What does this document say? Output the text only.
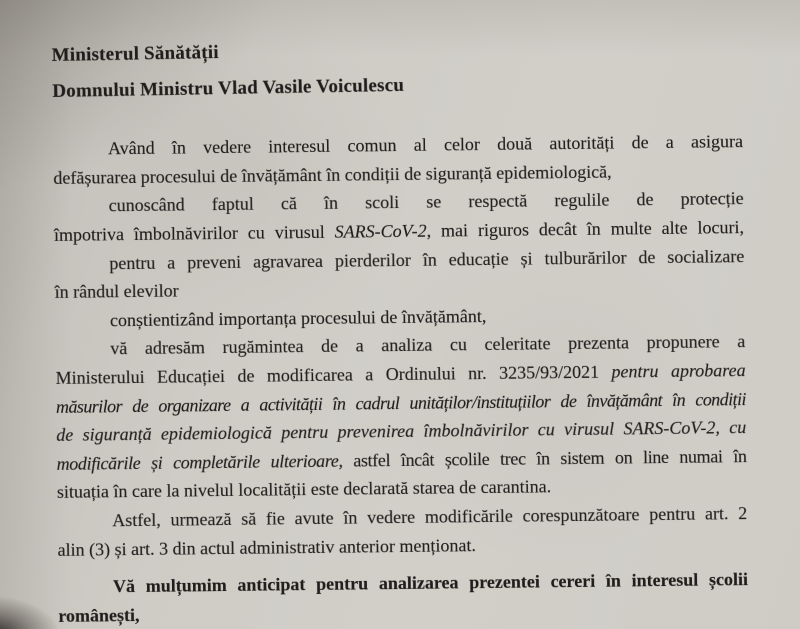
Ministerul Sănătății
Domnului Ministru Vlad Vasile Voiculescu
Având în vedere interesul comun al celor două autorități de a asigura
defășurarea procesului de învățământ în condiții de siguranță epidemiologică,
cunoscând faptul că în scoli se respectă regulile de protecție
împotriva îmbolnăvirilor cu virusul SARS-CoV-2, mai riguros decât în multe alte locuri,
pentru a preveni agravarea pierderilor în educație și tulburărilor de socializare
în rândul elevilor
conștientizând importanța procesului de învățământ,
vă adresăm rugămintea de a analiza cu celeritate prezenta propunere a
Ministerului Educației de modificarea a Ordinului nr. 3235/93/2021 pentru aprobarea
măsurilor de organizare a activității în cadrul unităților/instituțiilor de învățământ în condiții
de siguranță epidemiologică pentru prevenirea îmbolnăvirilor cu virusul SARS-CoV-2, cu
modificările și completările ulterioare, astfel încât școlile trec în sistem on line numai în
situația în care la nivelul localității este declarată starea de carantina.
Astfel, urmează să fie avute în vedere modificările corespunzătoare pentru art. 2
alin (3) și art. 3 din actul administrativ anterior menționat.
Vă mulțumim anticipat pentru analizarea prezentei cereri în interesul școlii
românești,
